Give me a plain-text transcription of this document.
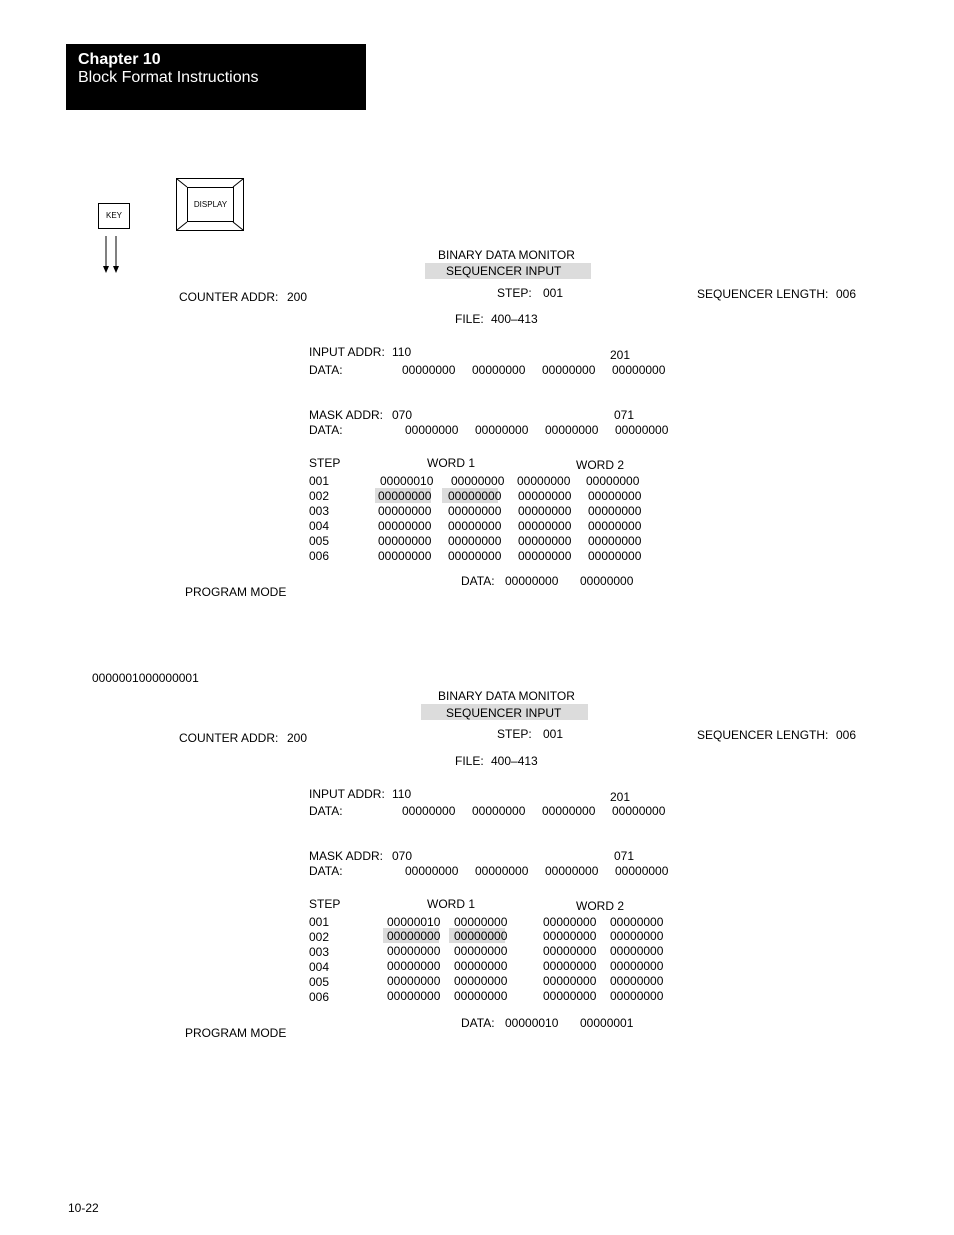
Chapter 10
Block Format Instructions
KEY
DISPLAY
BINARY DATA MONITOR
SEQUENCER INPUT
COUNTER ADDR: 200	STEP: 001	SEQUENCER LENGTH: 006
FILE: 400–413
INPUT ADDR: 110	201
DATA:	00000000 00000000 00000000 00000000
MASK ADDR: 070	071
DATA:	00000000 00000000 00000000 00000000
STEP	WORD 1	WORD 2
001	00000010 00000000 00000000 00000000
002	00000000 00000000 00000000 00000000
003	00000000 00000000 00000000 00000000
004	00000000 00000000 00000000 00000000
005	00000000 00000000 00000000 00000000
006	00000000 00000000 00000000 00000000
DATA: 00000000 00000000
PROGRAM MODE
0000001000000001
BINARY DATA MONITOR
SEQUENCER INPUT
COUNTER ADDR: 200	STEP: 001	SEQUENCER LENGTH: 006
FILE: 400–413
INPUT ADDR: 110	201
DATA:	00000000 00000000 00000000 00000000
MASK ADDR: 070	071
DATA:	00000000 00000000 00000000 00000000
STEP	WORD 1	WORD 2
001	00000010 00000000	00000000 00000000
002	00000000 00000000	00000000 00000000
003	00000000 00000000	00000000 00000000
004	00000000 00000000	00000000 00000000
005	00000000 00000000	00000000 00000000
006	00000000 00000000	00000000 00000000
DATA: 00000010 00000001
PROGRAM MODE
10-22
